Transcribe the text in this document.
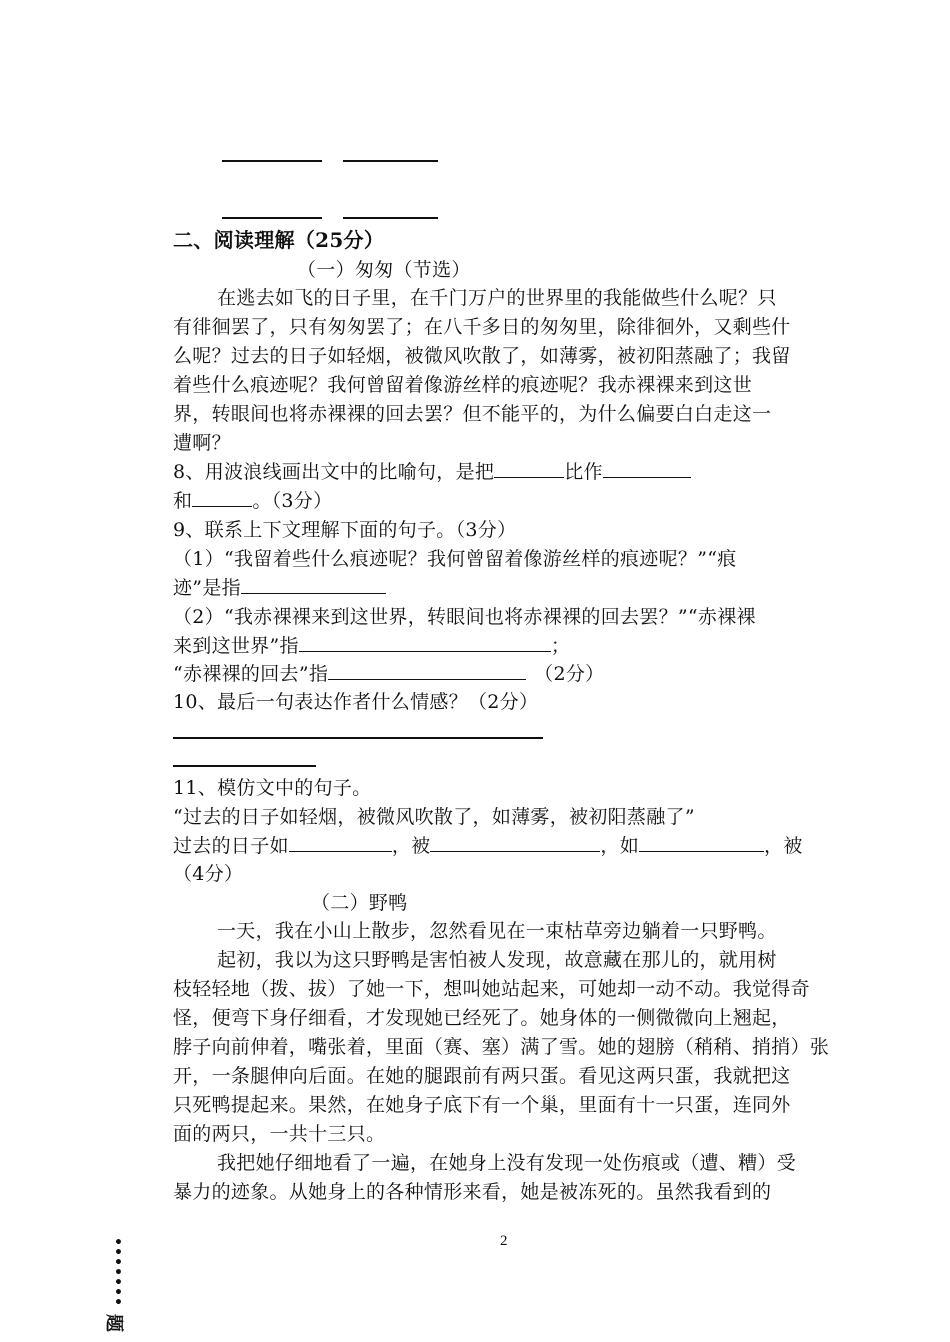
二、阅读理解（25分）
（一）匆匆（节选）
在逃去如飞的日子里，在千门万户的世界里的我能做些什么呢？只
有徘徊罢了，只有匆匆罢了；在八千多日的匆匆里，除徘徊外，又剩些什
么呢？过去的日子如轻烟，被微风吹散了，如薄雾，被初阳蒸融了；我留
着些什么痕迹呢？我何曾留着像游丝样的痕迹呢？我赤裸裸来到这世
界，转眼间也将赤裸裸的回去罢？但不能平的，为什么偏要白白走这一
遭啊？
8、用波浪线画出文中的比喻句，是把	比作
和	。（3分）
9、联系上下文理解下面的句子。（3分）
（1）“我留着些什么痕迹呢？我何曾留着像游丝样的痕迹呢？”“痕
迹”是指
（2）“我赤裸裸来到这世界，转眼间也将赤裸裸的回去罢？”“赤裸裸
来到这世界”指	；
“赤裸裸的回去”指	（2分）
10、最后一句表达作者什么情感？（2分）
11、模仿文中的句子。
“过去的日子如轻烟，被微风吹散了，如薄雾，被初阳蒸融了”
过去的日子如	，被	，如	，被
（4分）
（二）野鸭
一天，我在小山上散步，忽然看见在一束枯草旁边躺着一只野鸭。
起初，我以为这只野鸭是害怕被人发现，故意藏在那儿的，就用树
枝轻轻地（拨、拔）了她一下，想叫她站起来，可她却一动不动。我觉得奇
怪，便弯下身仔细看，才发现她已经死了。她身体的一侧微微向上翘起，
脖子向前伸着，嘴张着，里面（赛、塞）满了雪。她的翅膀（稍稍、捎捎）张
开，一条腿伸向后面。在她的腿跟前有两只蛋。看见这两只蛋，我就把这
只死鸭提起来。果然，在她身子底下有一个巢，里面有十一只蛋，连同外
面的两只，一共十三只。
我把她仔细地看了一遍，在她身上没有发现一处伤痕或（遭、糟）受
暴力的迹象。从她身上的各种情形来看，她是被冻死的。虽然我看到的
2
•••••••
题
